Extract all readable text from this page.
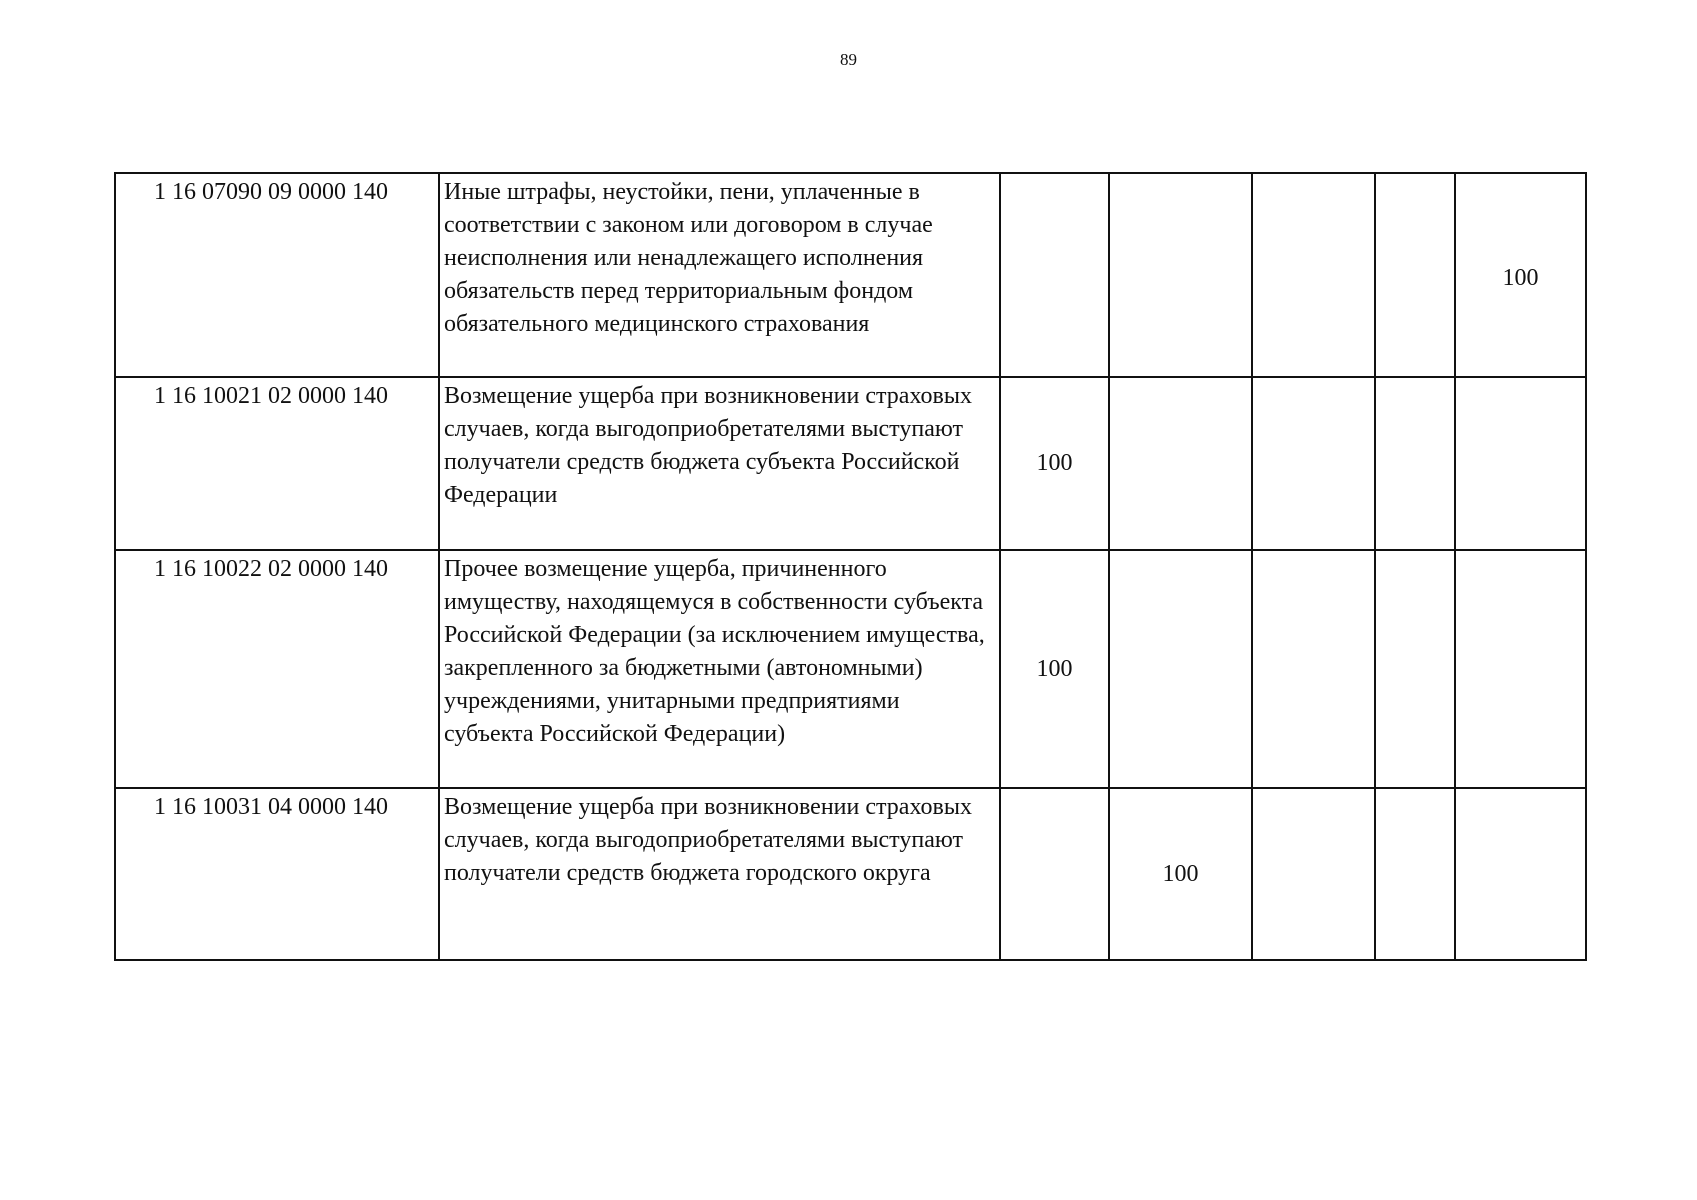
89
1 16 07090 09 0000 140	Иные штрафы, неустойки, пени, уплаченные в соответствии с законом или договором в случае неисполнения или ненадлежащего исполнения обязательств перед территориальным фондом обязательного медицинского страхования					100
1 16 10021 02 0000 140	Возмещение ущерба при возникновении страховых случаев, когда выгодоприобретателями выступают получатели средств бюджета субъекта Российской Федерации	100				
1 16 10022 02 0000 140	Прочее возмещение ущерба, причиненного имуществу, находящемуся в собственности субъекта Российской Федерации (за исключением имущества, закрепленного за бюджетными (автономными) учреждениями, унитарными предприятиями субъекта Российской Федерации)	100				
1 16 10031 04 0000 140	Возмещение ущерба при возникновении страховых случаев, когда выгодоприобретателями выступают получатели средств бюджета городского округа		100			
